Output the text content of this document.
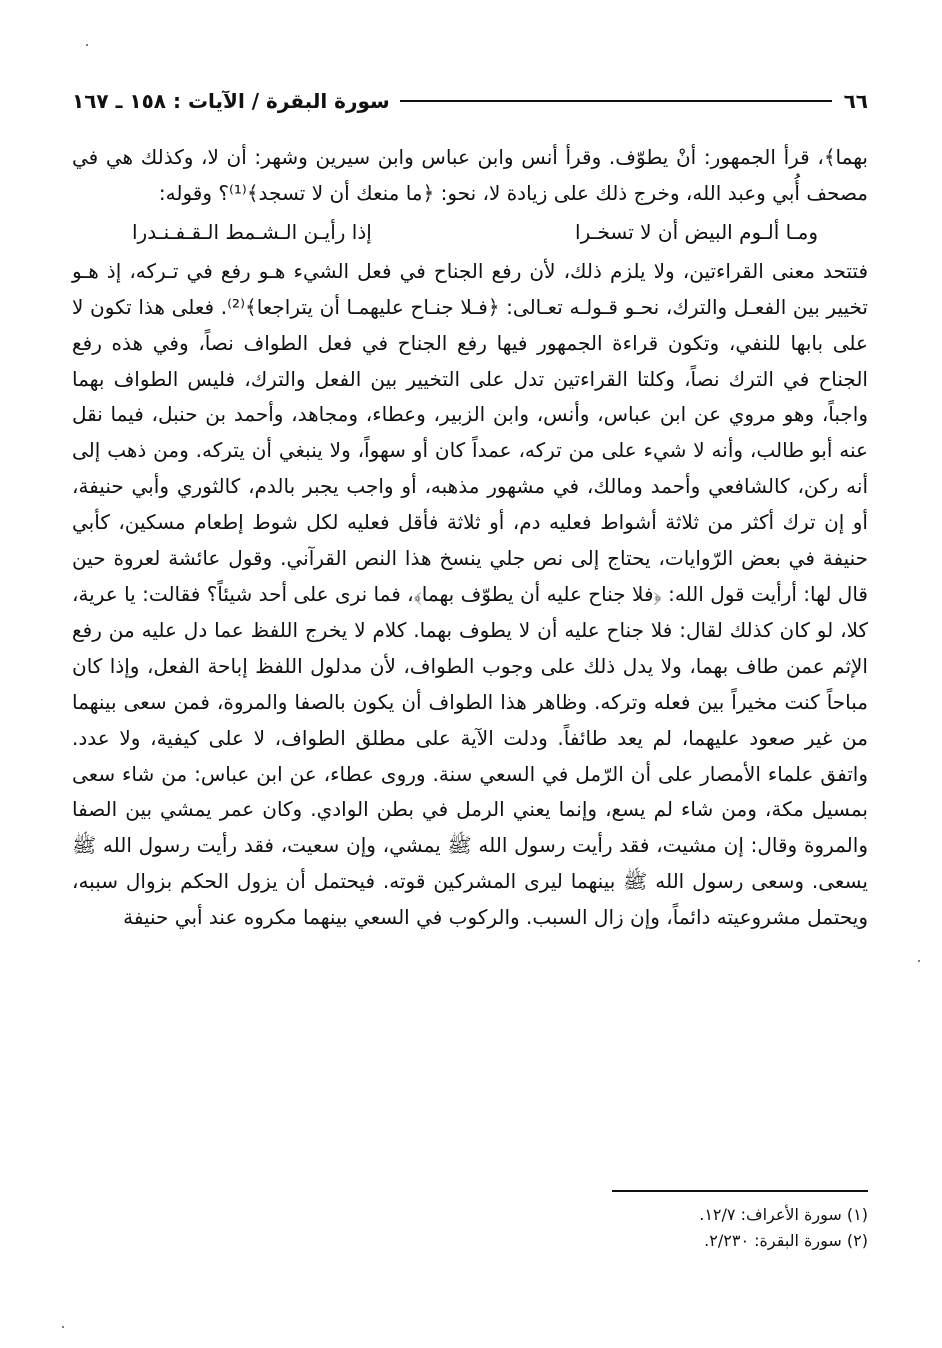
٦٦
سورة البقرة / الآيات : ١٥٨ ـ ١٦٧

بهما﴾، قرأ الجمهور: أنْ يطوّف. وقرأ أنس وابن عباس وابن سيرين وشهر: أن لا، وكذلك هي في مصحف أُبي وعبد الله، وخرج ذلك على زيادة لا، نحو: ﴿ما منعك أن لا تسجد﴾⁽¹⁾؟ وقوله:

ومـا ألـوم البيض أن لا تسخـرا
إذا رأيـن الـشـمط الـقـفـنـدرا

فتتحد معنى القراءتين، ولا يلزم ذلك، لأن رفع الجناح في فعل الشيء هـو رفع في تـركه، إذ هـو تخيير بين الفعـل والترك، نحـو قـولـه تعـالى: ﴿فـلا جنـاح عليهمـا أن يتراجعا﴾⁽²⁾. فعلى هذا تكون لا على بابها للنفي، وتكون قراءة الجمهور فيها رفع الجناح في فعل الطواف نصاً، وفي هذه رفع الجناح في الترك نصاً، وكلتا القراءتين تدل على التخيير بين الفعل والترك، فليس الطواف بهما واجباً، وهو مروي عن ابن عباس، وأنس، وابن الزبير، وعطاء، ومجاهد، وأحمد بن حنبل، فيما نقل عنه أبو طالب، وأنه لا شيء على من تركه، عمداً كان أو سهواً، ولا ينبغي أن يتركه. ومن ذهب إلى أنه ركن، كالشافعي وأحمد ومالك، في مشهور مذهبه، أو واجب يجبر بالدم، كالثوري وأبي حنيفة، أو إن ترك أكثر من ثلاثة أشواط فعليه دم، أو ثلاثة فأقل فعليه لكل شوط إطعام مسكين، كأبي حنيفة في بعض الرّوايات، يحتاج إلى نص جلي ينسخ هذا النص القرآني. وقول عائشة لعروة حين قال لها: أرأيت قول الله: ﴿فلا جناح عليه أن يطوّف بهما﴾، فما نرى على أحد شيئاً؟ فقالت: يا عرية، كلا، لو كان كذلك لقال: فلا جناح عليه أن لا يطوف بهما. كلام لا يخرج اللفظ عما دل عليه من رفع الإثم عمن طاف بهما، ولا يدل ذلك على وجوب الطواف، لأن مدلول اللفظ إباحة الفعل، وإذا كان مباحاً كنت مخيراً بين فعله وتركه. وظاهر هذا الطواف أن يكون بالصفا والمروة، فمن سعى بينهما من غير صعود عليهما، لم يعد طائفاً. ودلت الآية على مطلق الطواف، لا على كيفية، ولا عدد. واتفق علماء الأمصار على أن الرّمل في السعي سنة. وروى عطاء، عن ابن عباس: من شاء سعى بمسيل مكة، ومن شاء لم يسع، وإنما يعني الرمل في بطن الوادي. وكان عمر يمشي بين الصفا والمروة وقال: إن مشيت، فقد رأيت رسول الله ﷺ يمشي، وإن سعيت، فقد رأيت رسول الله ﷺ يسعى. وسعى رسول الله ﷺ بينهما ليرى المشركين قوته. فيحتمل أن يزول الحكم بزوال سببه، ويحتمل مشروعيته دائماً، وإن زال السبب. والركوب في السعي بينهما مكروه عند أبي حنيفة

(١) سورة الأعراف: ١٢/٧.
(٢) سورة البقرة: ٢/٢٣٠.
